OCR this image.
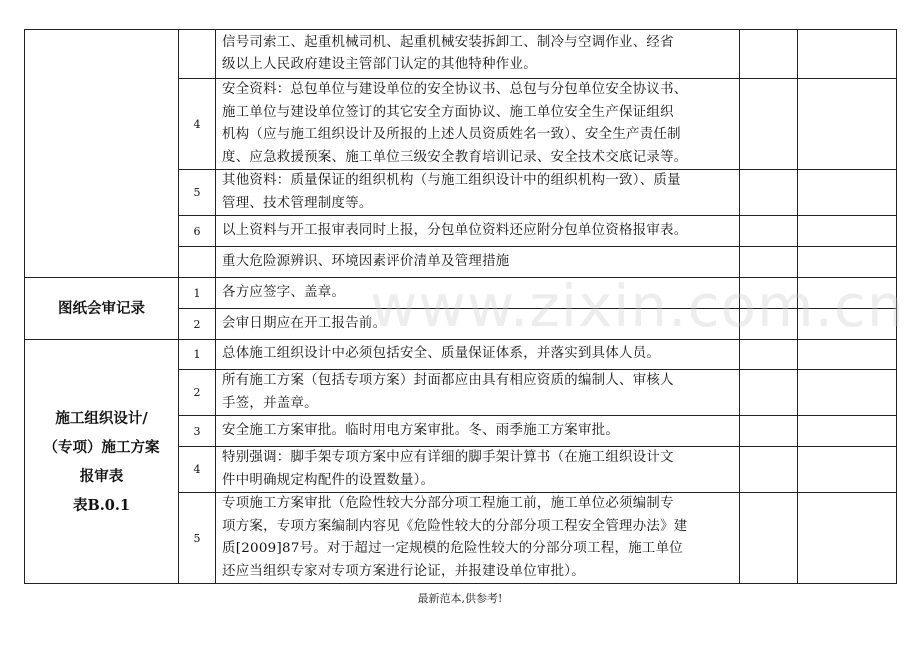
		信号司索工、起重机械司机、起重机械安装拆卸工、制冷与空调作业、经省
级以上人民政府建设主管部门认定的其他特种作业。		

	4	安全资料：总包单位与建设单位的安全协议书、总包与分包单位安全协议书、
施工单位与建设单位签订的其它安全方面协议、施工单位安全生产保证组织
机构（应与施工组织设计及所报的上述人员资质姓名一致）、安全生产责任制
度、应急救援预案、施工单位三级安全教育培训记录、安全技术交底记录等。		

	5	其他资料：质量保证的组织机构（与施工组织设计中的组织机构一致）、质量
管理、技术管理制度等。		

	6	以上资料与开工报审表同时上报，分包单位资料还应附分包单位资格报审表。		

		重大危险源辨识、环境因素评价清单及管理措施		

图纸会审记录	1	各方应签字、盖章。		

	2	会审日期应在开工报告前。		

施工组织设计/
（专项）施工方案
报审表
表B.0.1	1	总体施工组织设计中必须包括安全、质量保证体系，并落实到具体人员。		

	2	所有施工方案（包括专项方案）封面都应由具有相应资质的编制人、审核人
手签，并盖章。		

	3	安全施工方案审批。临时用电方案审批。冬、雨季施工方案审批。		

	4	特别强调：脚手架专项方案中应有详细的脚手架计算书（在施工组织设计文
件中明确规定构配件的设置数量）。		

	5	专项施工方案审批（危险性较大分部分项工程施工前，施工单位必须编制专
项方案，专项方案编制内容见《危险性较大的分部分项工程安全管理办法》建
质[2009]87号。对于超过一定规模的危险性较大的分部分项工程，施工单位
还应当组织专家对专项方案进行论证，并报建设单位审批）。		

www.zixin.com.cn
最新范本,供参考!
